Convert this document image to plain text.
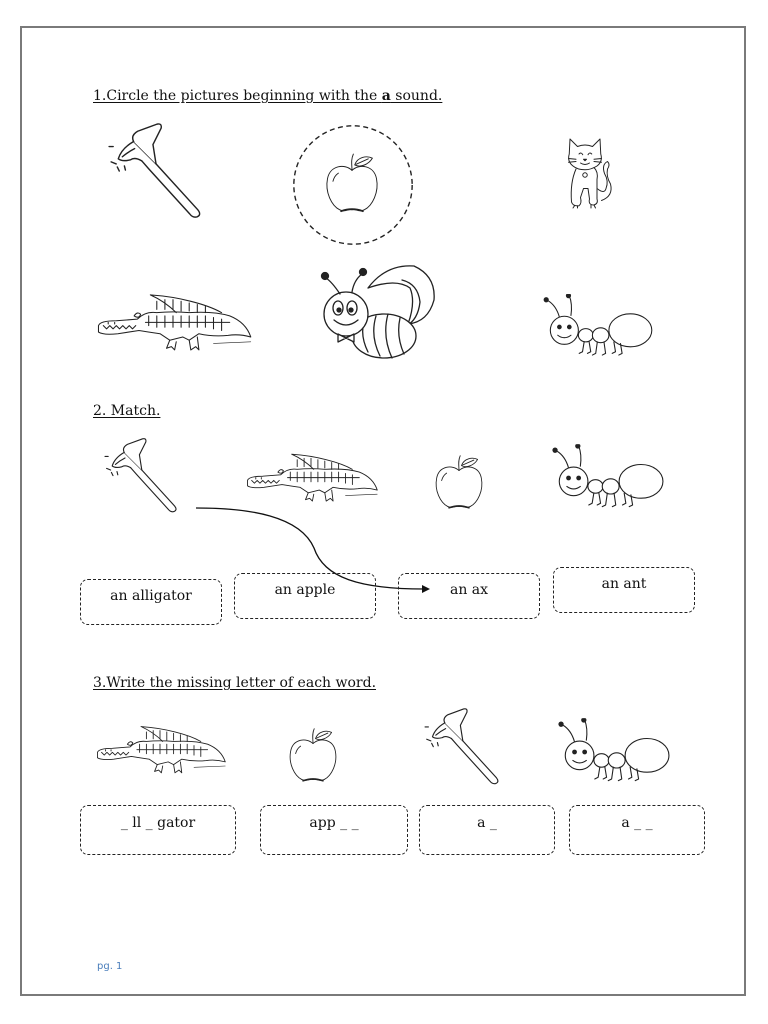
1.Circle the pictures beginning with the a sound.
2. Match.
an alligator	an apple	an ax	an ant
3.Write the missing letter of each word.
_ ll _ gator	app _ _	a _	a _ _
pg. 1
